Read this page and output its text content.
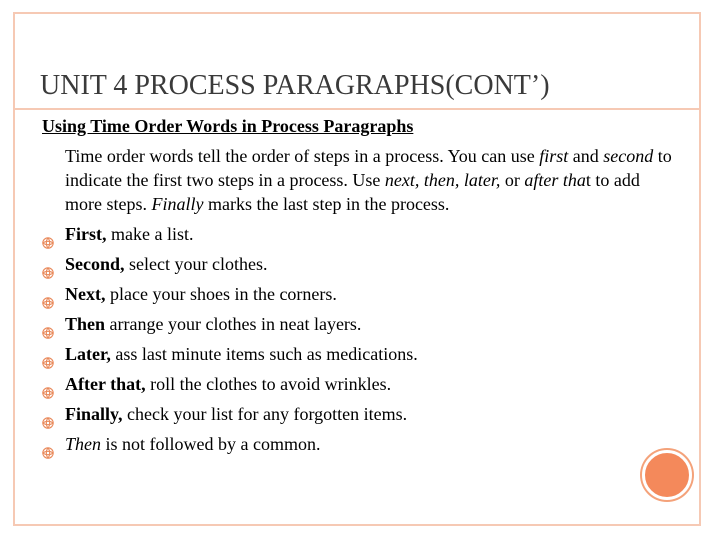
UNIT 4 PROCESS PARAGRAPHS(CONT’)
Using Time Order Words in Process Paragraphs

Time order words tell the order of steps in a process. You can use first and second to indicate the first two steps in a process. Use next, then, later, or after that to add more steps. Finally marks the last step in the process.

First, make a list.
Second, select your clothes.
Next, place your shoes in the corners.
Then arrange your clothes in neat layers.
Later, ass last minute items such as medications.
After that, roll the clothes to avoid wrinkles.
Finally, check your list for any forgotten items.
Then is not followed by a common.
